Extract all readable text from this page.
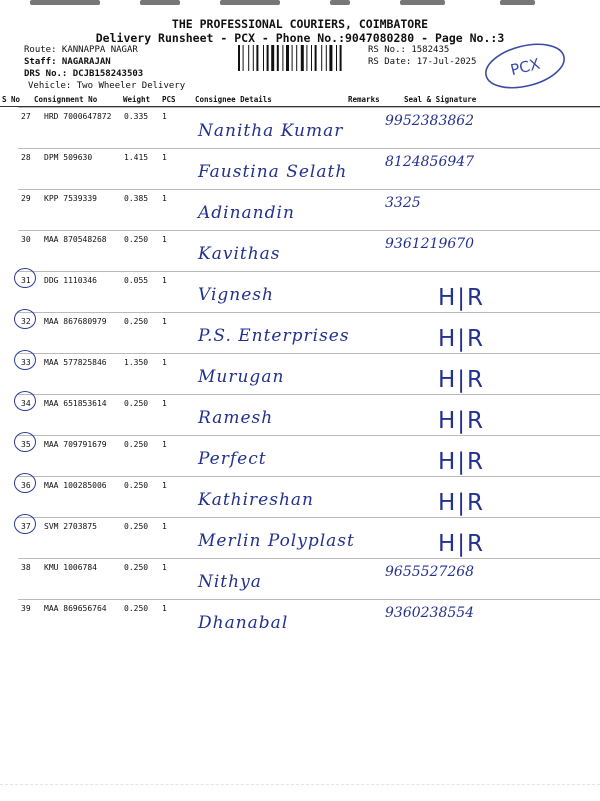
THE PROFESSIONAL COURIERS, COIMBATORE
Delivery Runsheet - PCX - Phone No.:9047080280 - Page No.:3
Route: KANNAPPA NAGAR
Staff: NAGARAJAN
DRS No.: DCJB158243503
Vehicle: Two Wheeler Delivery
RS No.: 1582435
RS Date: 17-Jul-2025 PCX
S No Consignment No	Weight PCS	Consignee Details	Remarks	Seal & Signature
27 HRD 7000647872 0.335 1
Nanitha Kumar	9952383862
28 DPM 509630	1.415 1
Faustina Selath	8124856947
29 KPP 7539339	0.385 1
Adinandin	3325
30 MAA 870548268 0.250 1
Kavithas	9361219670
31 DDG 1110346	0.055 1
Vignesh	H|R
32 MAA 867680979 0.250 1
P.S. Enterprises	H|R
33 MAA 577825846 1.350 1
Murugan	H|R
34 MAA 651853614 0.250 1
Ramesh	H|R
35 MAA 709791679 0.250 1
Perfect	H|R
36 MAA 100285006 0.250 1
Kathireshan	H|R
37 SVM 2703875	0.250 1
Merlin Polyplast	H|R
38 KMU 1006784	0.250 1
Nithya	9655527268
39 MAA 869656764 0.250 1
Dhanabal	9360238554
